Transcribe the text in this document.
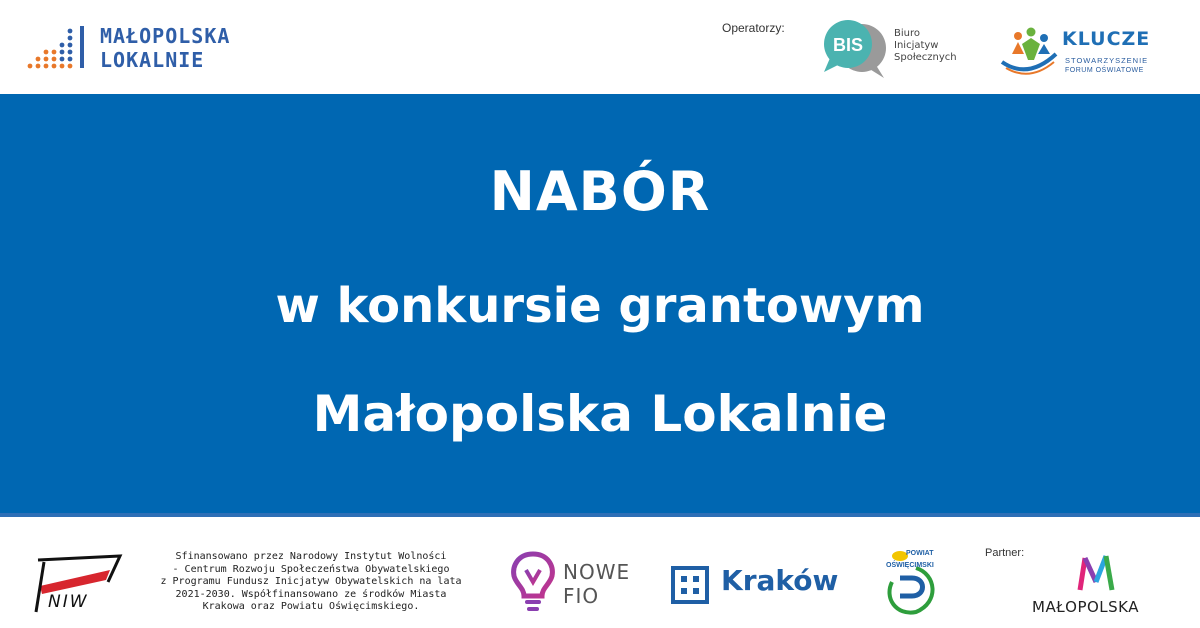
MAŁOPOLSKA
LOKALNIE
Operatorzy:
BIS
Biuro
Inicjatyw
Społecznych
KLUCZE
STOWARZYSZENIE
FORUM OŚWIATOWE
NABÓR
w konkursie grantowym
Małopolska Lokalnie
NIW
Sfinansowano przez Narodowy Instytut Wolności
- Centrum Rozwoju Społeczeństwa Obywatelskiego
z Programu Fundusz Inicjatyw Obywatelskich na lata
2021-2030. Współfinansowano ze środków Miasta
Krakowa oraz Powiatu Oświęcimskiego.
NOWE
FIO	Kraków
POWIAT
OŚWIĘCIMSKI
Partner:
MAŁOPOLSKA
